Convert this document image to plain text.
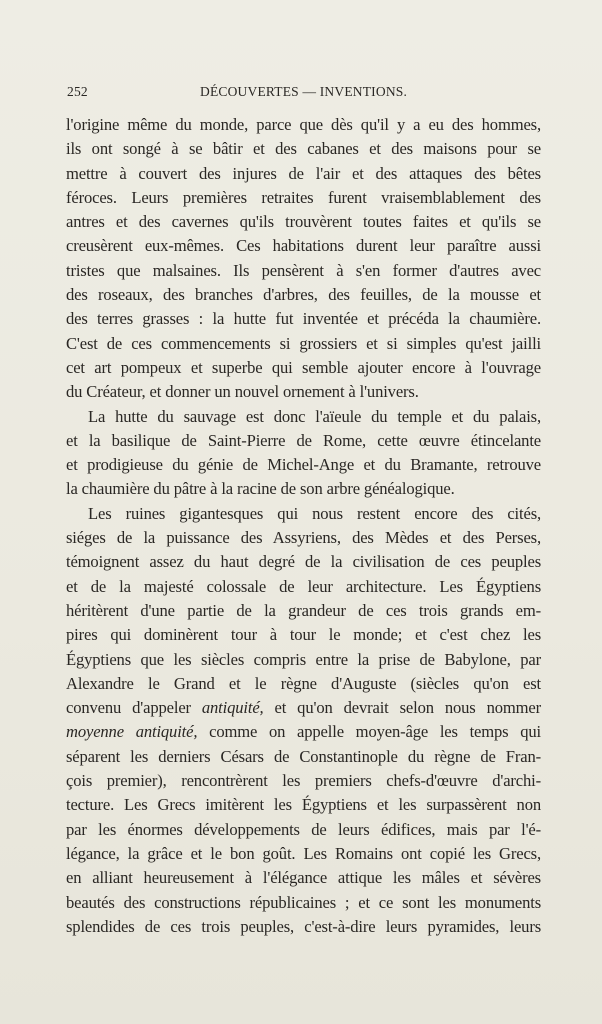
252	DÉCOUVERTES — INVENTIONS.
l'origine même du monde, parce que dès qu'il y a eu des hommes,
ils ont songé à se bâtir et des cabanes et des maisons pour se
mettre à couvert des injures de l'air et des attaques des bêtes
féroces. Leurs premières retraites furent vraisemblablement des
antres et des cavernes qu'ils trouvèrent toutes faites et qu'ils se
creusèrent eux-mêmes. Ces habitations durent leur paraître aussi
tristes que malsaines. Ils pensèrent à s'en former d'autres avec
des roseaux, des branches d'arbres, des feuilles, de la mousse et
des terres grasses : la hutte fut inventée et précéda la chaumière.
C'est de ces commencements si grossiers et si simples qu'est jailli
cet art pompeux et superbe qui semble ajouter encore à l'ouvrage
du Créateur, et donner un nouvel ornement à l'univers.
La hutte du sauvage est donc l'aïeule du temple et du palais,
et la basilique de Saint-Pierre de Rome, cette œuvre étincelante
et prodigieuse du génie de Michel-Ange et du Bramante, retrouve
la chaumière du pâtre à la racine de son arbre généalogique.
Les ruines gigantesques qui nous restent encore des cités,
siéges de la puissance des Assyriens, des Mèdes et des Perses,
témoignent assez du haut degré de la civilisation de ces peuples
et de la majesté colossale de leur architecture. Les Égyptiens
héritèrent d'une partie de la grandeur de ces trois grands em-
pires qui dominèrent tour à tour le monde; et c'est chez les
Égyptiens que les siècles compris entre la prise de Babylone, par
Alexandre le Grand et le règne d'Auguste (siècles qu'on est
convenu d'appeler antiquité, et qu'on devrait selon nous nommer
moyenne antiquité, comme on appelle moyen-âge les temps qui
séparent les derniers Césars de Constantinople du règne de Fran-
çois premier), rencontrèrent les premiers chefs-d'œuvre d'archi-
tecture. Les Grecs imitèrent les Égyptiens et les surpassèrent non
par les énormes développements de leurs édifices, mais par l'é-
légance, la grâce et le bon goût. Les Romains ont copié les Grecs,
en alliant heureusement à l'élégance attique les mâles et sévères
beautés des constructions républicaines ; et ce sont les monuments
splendides de ces trois peuples, c'est-à-dire leurs pyramides, leurs
